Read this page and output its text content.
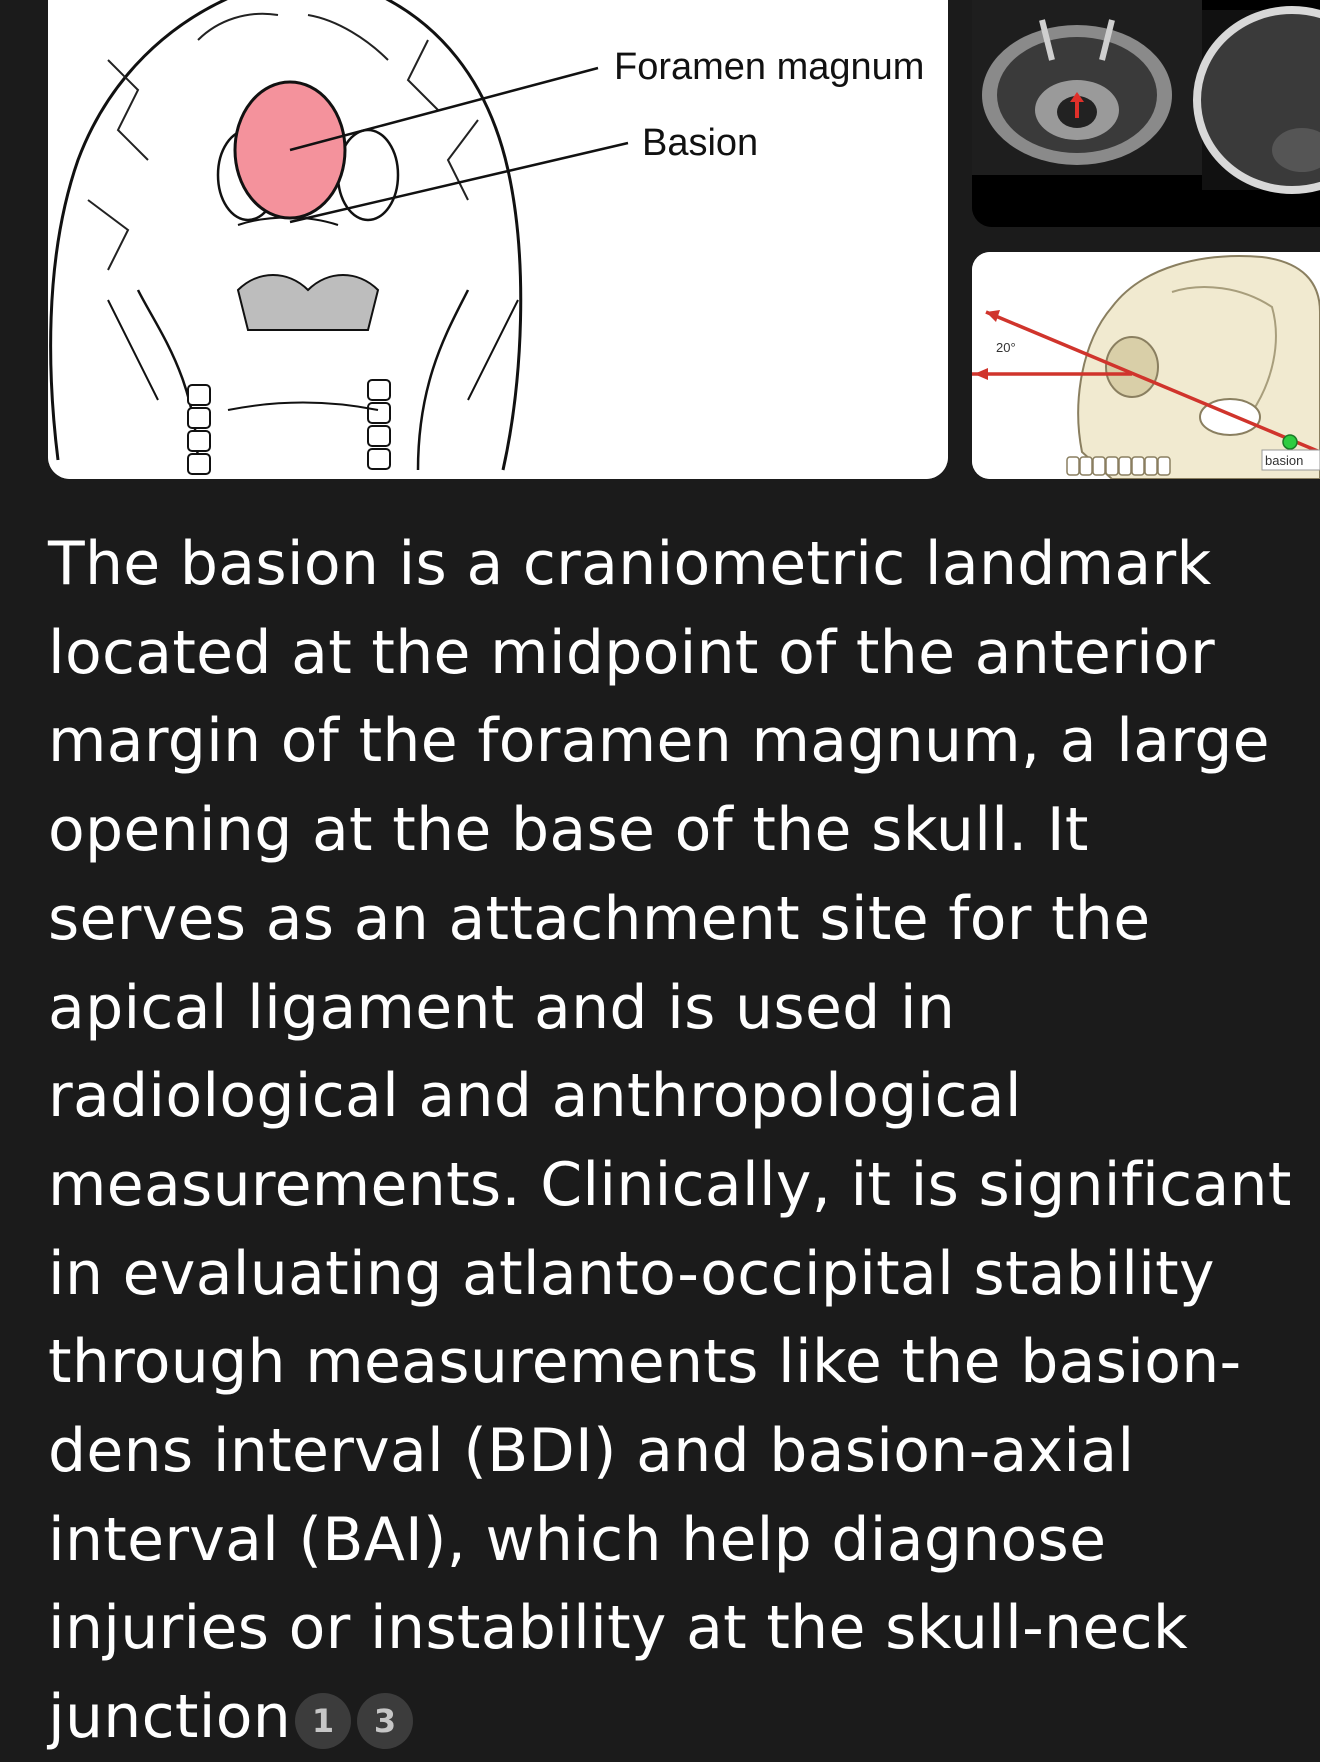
Foramen magnum
Basion
20°
basion

The basion is a craniometric landmark located at the midpoint of the anterior margin of the foramen magnum, a large opening at the base of the skull. It serves as an attachment site for the apical ligament and is used in radiological and anthropological measurements. Clinically, it is significant in evaluating atlanto-occipital stability through measurements like the basion-dens interval (BDI) and basion-axial interval (BAI), which help diagnose injuries or instability at the skull-neck junction 1 3
